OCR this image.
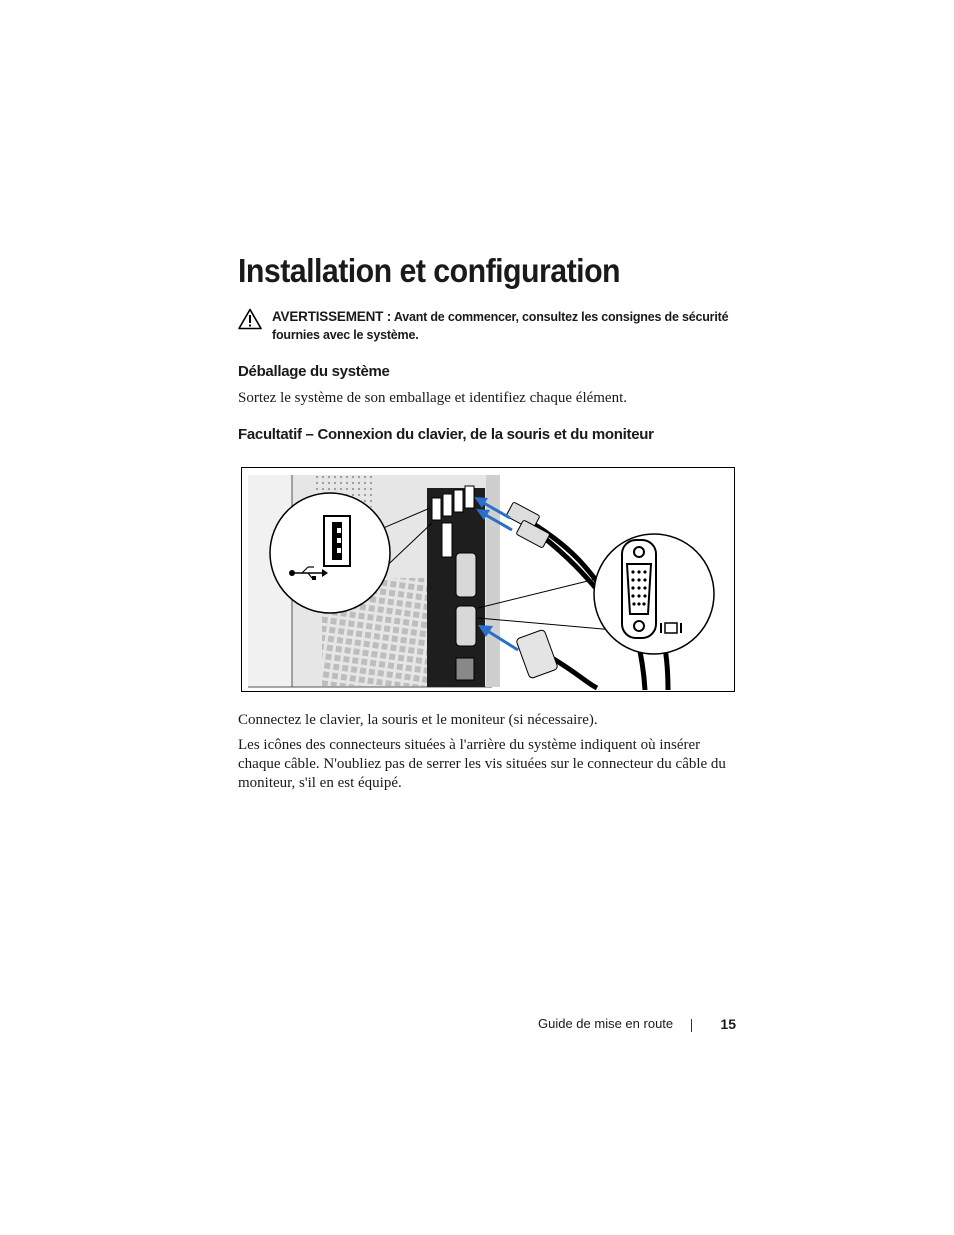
Installation et configuration
AVERTISSEMENT : Avant de commencer, consultez les consignes de sécurité fournies avec le système.
Déballage du système

Sortez le système de son emballage et identifiez chaque élément.

Facultatif – Connexion du clavier, de la souris et du moniteur

Connectez le clavier, la souris et le moniteur (si nécessaire).

Les icônes des connecteurs situées à l'arrière du système indiquent où insérer chaque câble. N'oubliez pas de serrer les vis situées sur le connecteur du câble du moniteur, s'il en est équipé.

Guide de mise en route	15
